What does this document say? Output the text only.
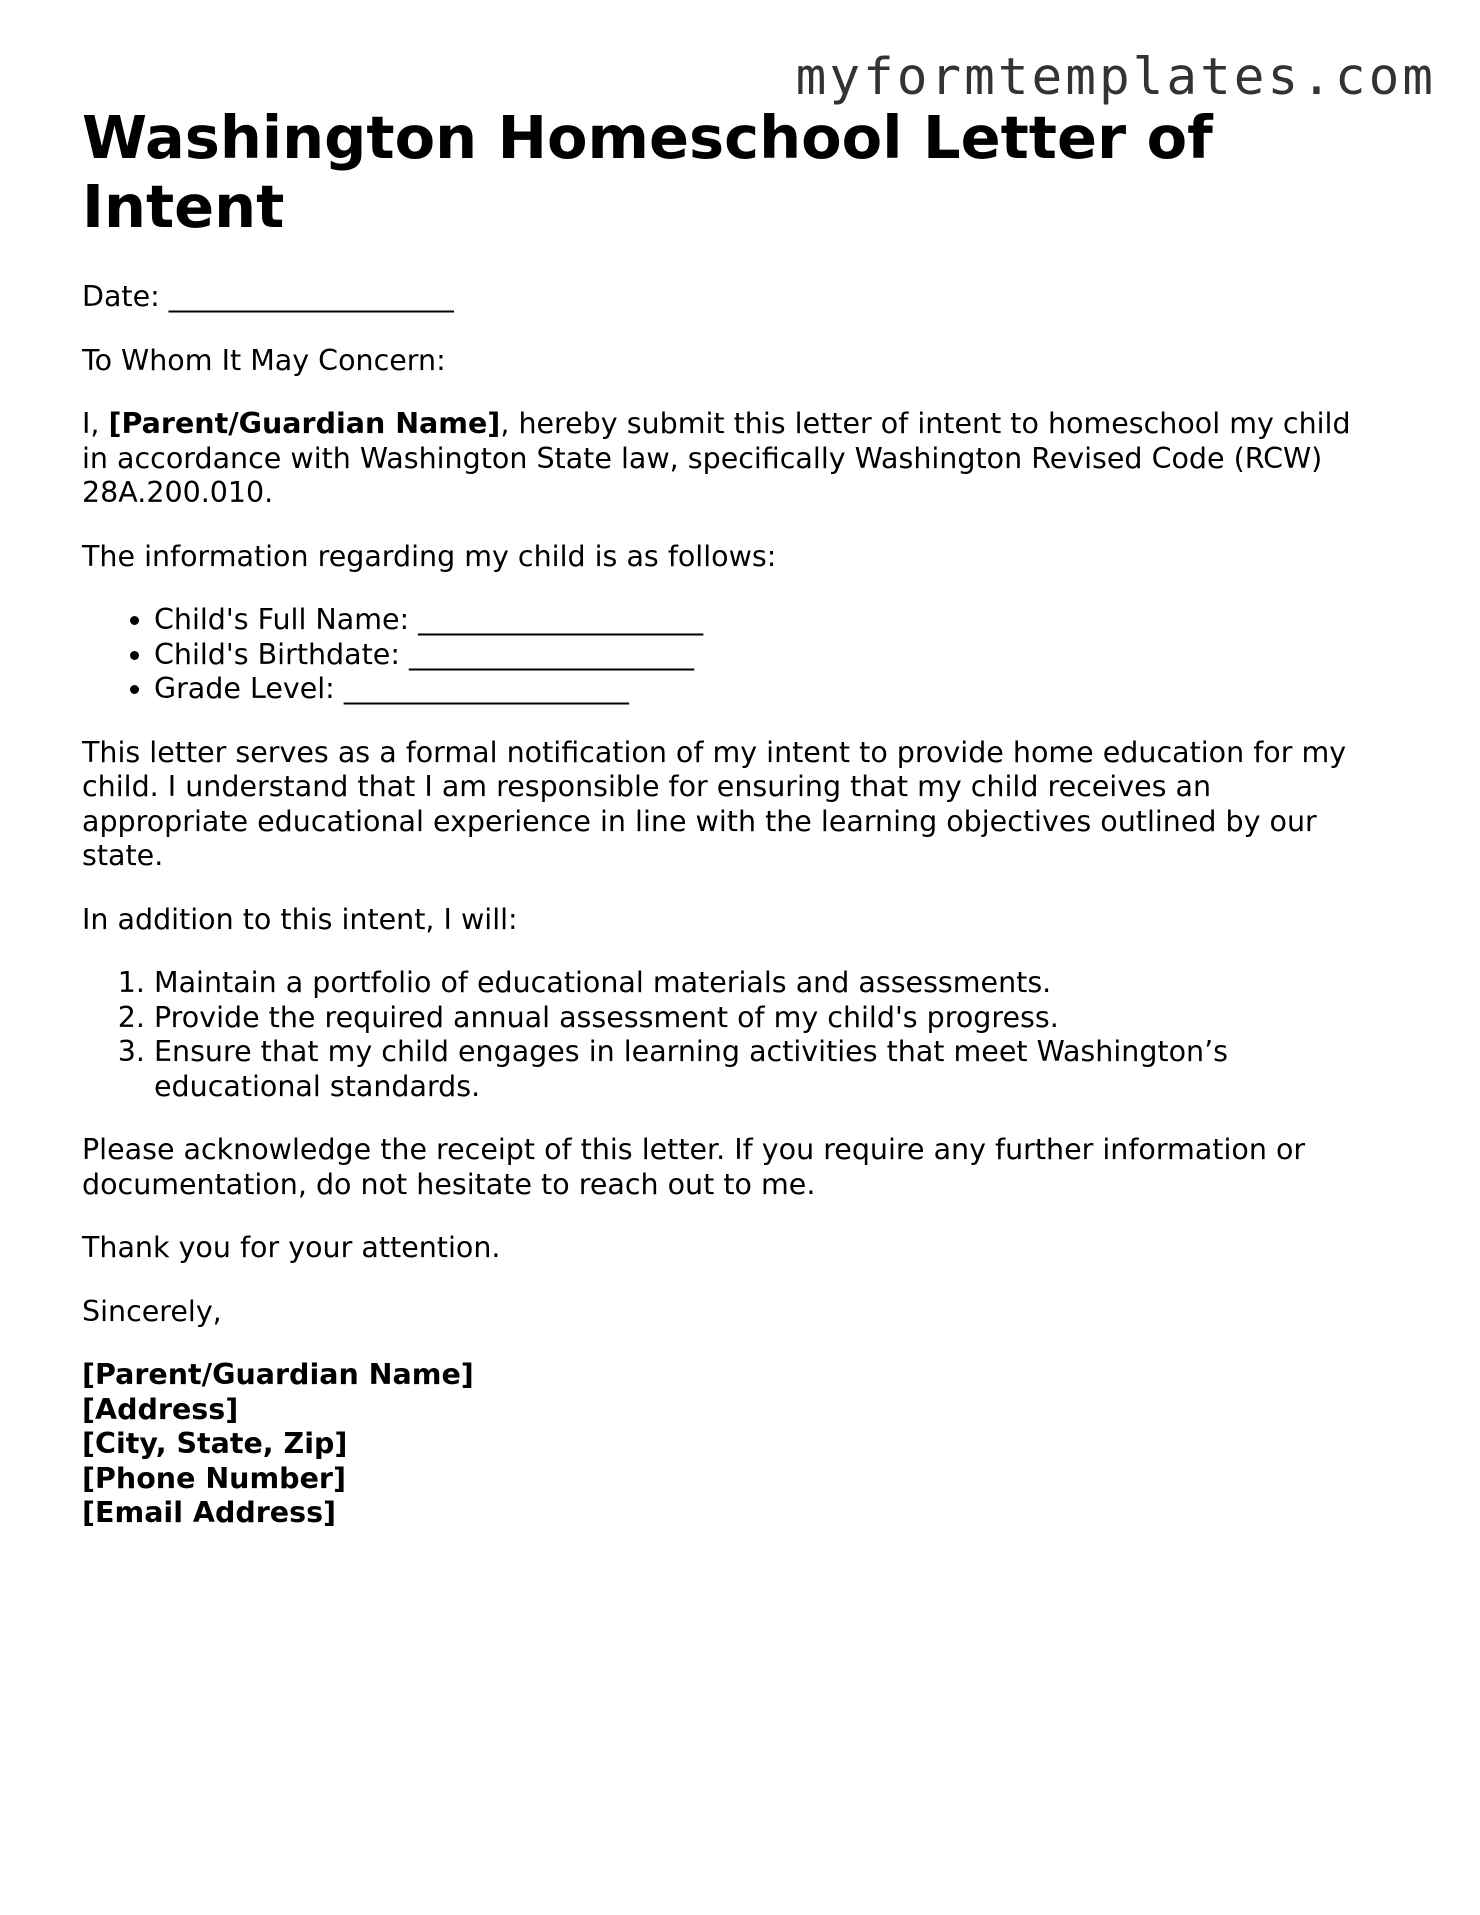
myformtemplates.com
Washington Homeschool Letter of Intent

Date: ____________________

To Whom It May Concern:

I, [Parent/Guardian Name], hereby submit this letter of intent to homeschool my child in accordance with Washington State law, specifically Washington Revised Code (RCW) 28A.200.010.

The information regarding my child is as follows:

• Child's Full Name: ____________________
• Child's Birthdate: ____________________
• Grade Level: ____________________

This letter serves as a formal notification of my intent to provide home education for my child. I understand that I am responsible for ensuring that my child receives an appropriate educational experience in line with the learning objectives outlined by our state.

In addition to this intent, I will:

1. Maintain a portfolio of educational materials and assessments.
2. Provide the required annual assessment of my child's progress.
3. Ensure that my child engages in learning activities that meet Washington’s educational standards.

Please acknowledge the receipt of this letter. If you require any further information or documentation, do not hesitate to reach out to me.

Thank you for your attention.

Sincerely,

[Parent/Guardian Name]
[Address]
[City, State, Zip]
[Phone Number]
[Email Address]
